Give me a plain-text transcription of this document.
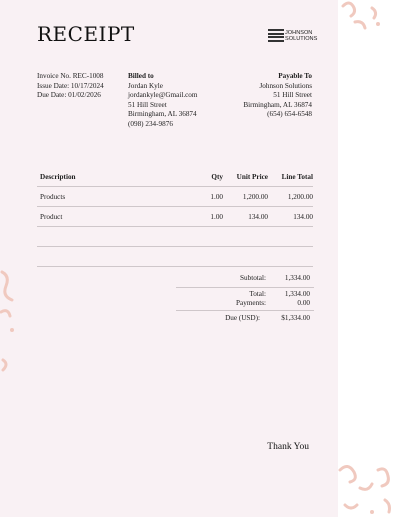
RECEIPT	JOHNSON
SOLUTIONS
Invoice No. REC-1008
Issue Date: 10/17/2024
Due Date: 01/02/2026
Billed to
Jordan Kyle
jordankyle@Gmail.com
51 Hill Street
Birmingham, AL 36874
(098) 234-9876
Payable To
Johnson Solutions
51 Hill Street
Birmingham, AL 36874
(654) 654-6548
Description	Qty	Unit Price	Line Total
Products	1.00	1,200.00	1,200.00
Product	1.00	134.00	134.00
Subtotal:	1,334.00
Total:	1,334.00
Payments:	0.00
Due (USD):	$1,334.00
Thank You
